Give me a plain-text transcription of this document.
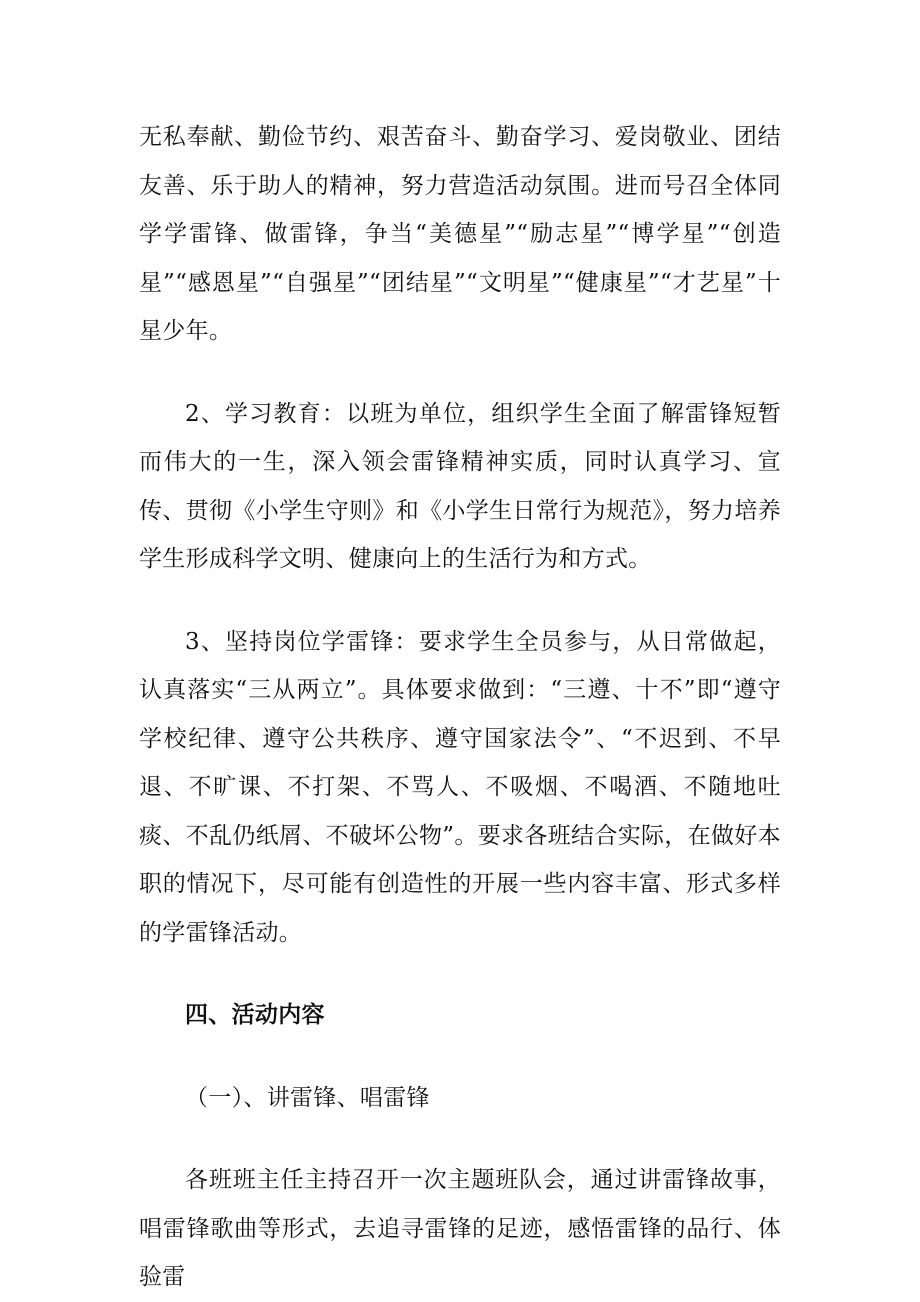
无私奉献、勤俭节约、艰苦奋斗、勤奋学习、爱岗敬业、团结友善、乐于助人的精神，努力营造活动氛围。进而号召全体同学学雷锋、做雷锋，争当“美德星”“励志星”“博学星”“创造星”“感恩星”“自强星”“团结星”“文明星”“健康星”“才艺星”十星少年。

2、学习教育：以班为单位，组织学生全面了解雷锋短暂而伟大的一生，深入领会雷锋精神实质，同时认真学习、宣传、贯彻《小学生守则》和《小学生日常行为规范》，努力培养学生形成科学文明、健康向上的生活行为和方式。

3、坚持岗位学雷锋：要求学生全员参与，从日常做起，认真落实“三从两立”。具体要求做到：“三遵、十不”即“遵守学校纪律、遵守公共秩序、遵守国家法令”、“不迟到、不早退、不旷课、不打架、不骂人、不吸烟、不喝酒、不随地吐痰、不乱仍纸屑、不破坏公物”。要求各班结合实际，在做好本职的情况下，尽可能有创造性的开展一些内容丰富、形式多样的学雷锋活动。

四、活动内容

（一）、讲雷锋、唱雷锋

各班班主任主持召开一次主题班队会，通过讲雷锋故事，唱雷锋歌曲等形式，去追寻雷锋的足迹，感悟雷锋的品行、体验雷
